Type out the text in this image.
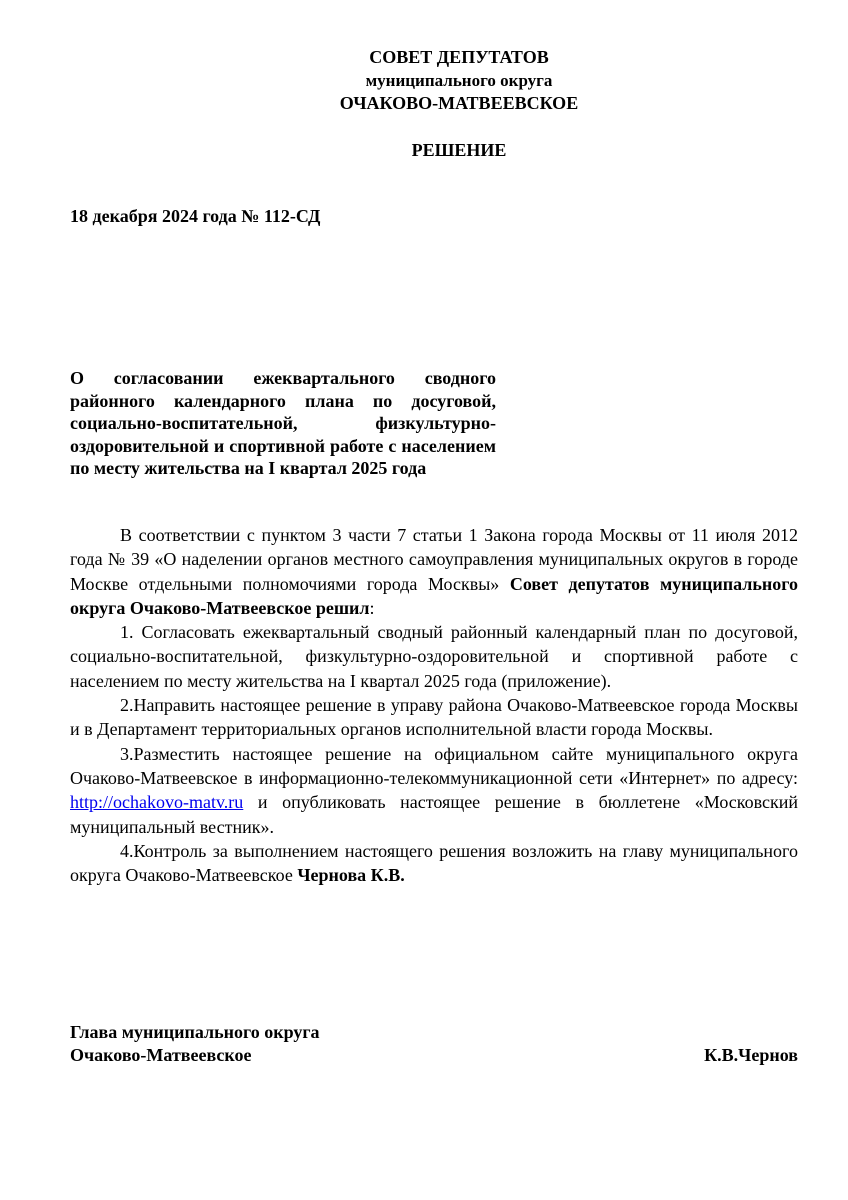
СОВЕТ ДЕПУТАТОВ
муниципального округа
ОЧАКОВО-МАТВЕЕВСКОЕ
РЕШЕНИЕ
18 декабря 2024 года № 112-СД
О согласовании ежеквартального сводного районного календарного плана по досуговой, социально-воспитательной, физкультурно-оздоровительной и спортивной работе с населением по месту жительства на I квартал 2025 года

В соответствии с пунктом 3 части 7 статьи 1 Закона города Москвы от 11 июля 2012 года № 39 «О наделении органов местного самоуправления муниципальных округов в городе Москве отдельными полномочиями города Москвы» Совет депутатов муниципального округа Очаково-Матвеевское решил:

1. Согласовать ежеквартальный сводный районный календарный план по досуговой, социально-воспитательной, физкультурно-оздоровительной и спортивной работе с населением по месту жительства на I квартал 2025 года (приложение).

2.Направить настоящее решение в управу района Очаково-Матвеевское города Москвы и в Департамент территориальных органов исполнительной власти города Москвы.

3.Разместить настоящее решение на официальном сайте муниципального округа Очаково-Матвеевское в информационно-телекоммуникационной сети «Интернет» по адресу: http://ochakovo-matv.ru и опубликовать настоящее решение в бюллетене «Московский муниципальный вестник».

4.Контроль за выполнением настоящего решения возложить на главу муниципального округа Очаково-Матвеевское Чернова К.В.

Глава муниципального округа
Очаково-Матвеевское	К.В.Чернов
